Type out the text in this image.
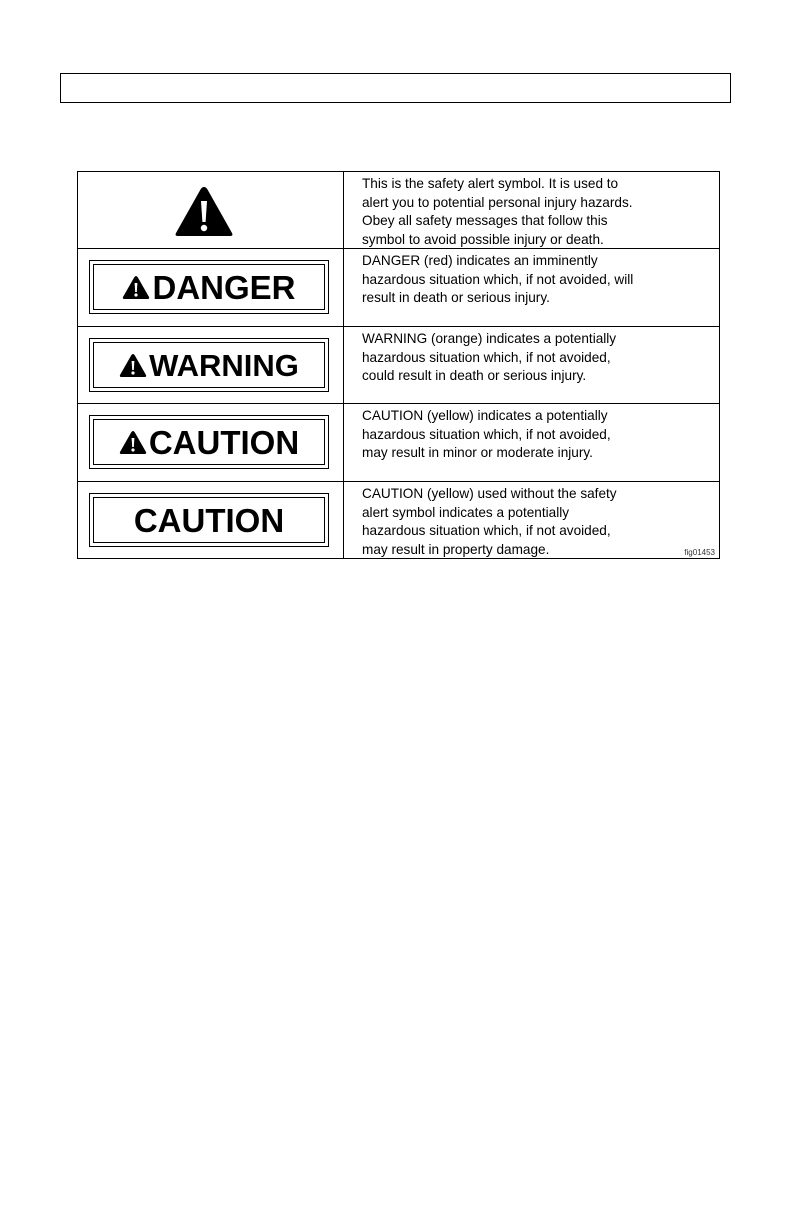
This is the safety alert symbol. It is used to
alert you to potential personal injury hazards.
Obey all safety messages that follow this
symbol to avoid possible injury or death.
DANGER
DANGER (red) indicates an imminently
hazardous situation which, if not avoided, will
result in death or serious injury.
WARNING
WARNING (orange) indicates a potentially
hazardous situation which, if not avoided,
could result in death or serious injury.
CAUTION
CAUTION (yellow) indicates a potentially
hazardous situation which, if not avoided,
may result in minor or moderate injury.
CAUTION
CAUTION (yellow) used without the safety
alert symbol indicates a potentially
hazardous situation which, if not avoided,
may result in property damage.	fig01453
